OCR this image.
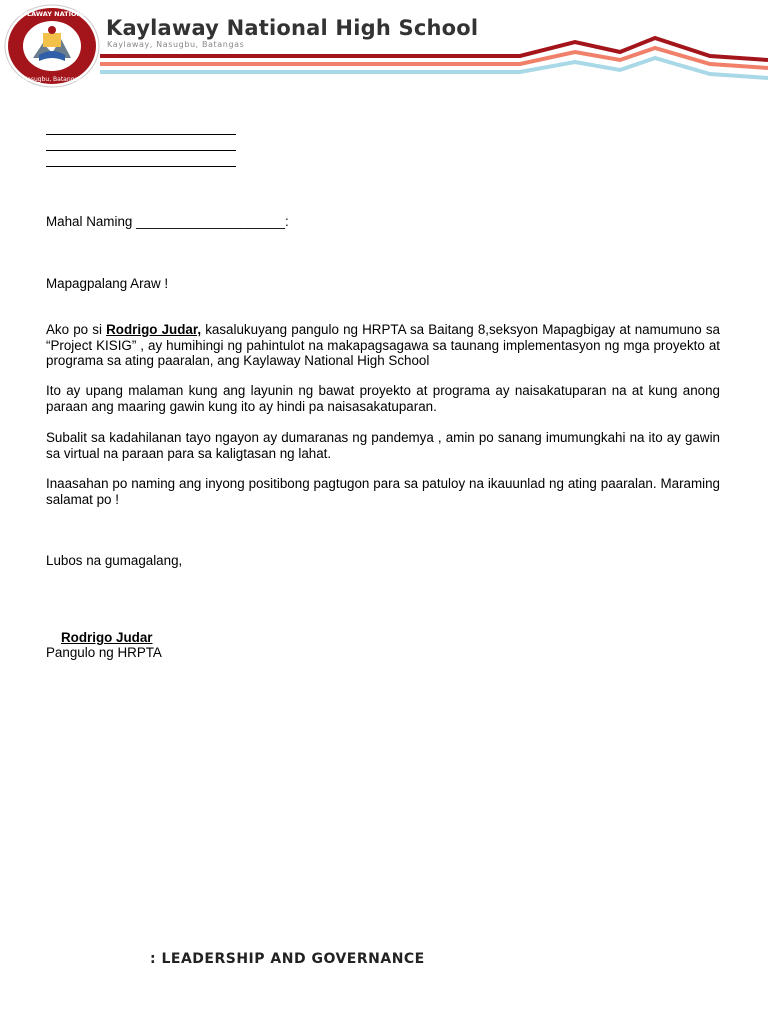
KAYLAWAY NATIONAL
Nasugbu, Batangas
Kaylaway National High School
Kaylaway, Nasugbu, Batangas
Mahal Naming ____________________:
Mapagpalang Araw !
Ako po si Rodrigo Judar, kasalukuyang pangulo ng HRPTA sa Baitang 8,seksyon Mapagbigay at namumuno sa “Project KISIG” , ay humihingi ng pahintulot na makapagsagawa sa taunang implementasyon ng mga proyekto at programa sa ating paaralan, ang Kaylaway National High School
Ito ay upang malaman kung ang layunin ng bawat proyekto at programa ay naisakatuparan na at kung anong paraan ang maaring gawin kung ito ay hindi pa naisasakatuparan.
Subalit sa kadahilanan tayo ngayon ay dumaranas ng pandemya , amin po sanang imumungkahi na ito ay gawin sa virtual na paraan para sa kaligtasan ng lahat.
Inaasahan po naming ang inyong positibong pagtugon para sa patuloy na ikauunlad ng ating paaralan. Maraming salamat po !
Lubos na gumagalang,
Rodrigo Judar
Pangulo ng HRPTA
: LEADERSHIP AND GOVERNANCE
